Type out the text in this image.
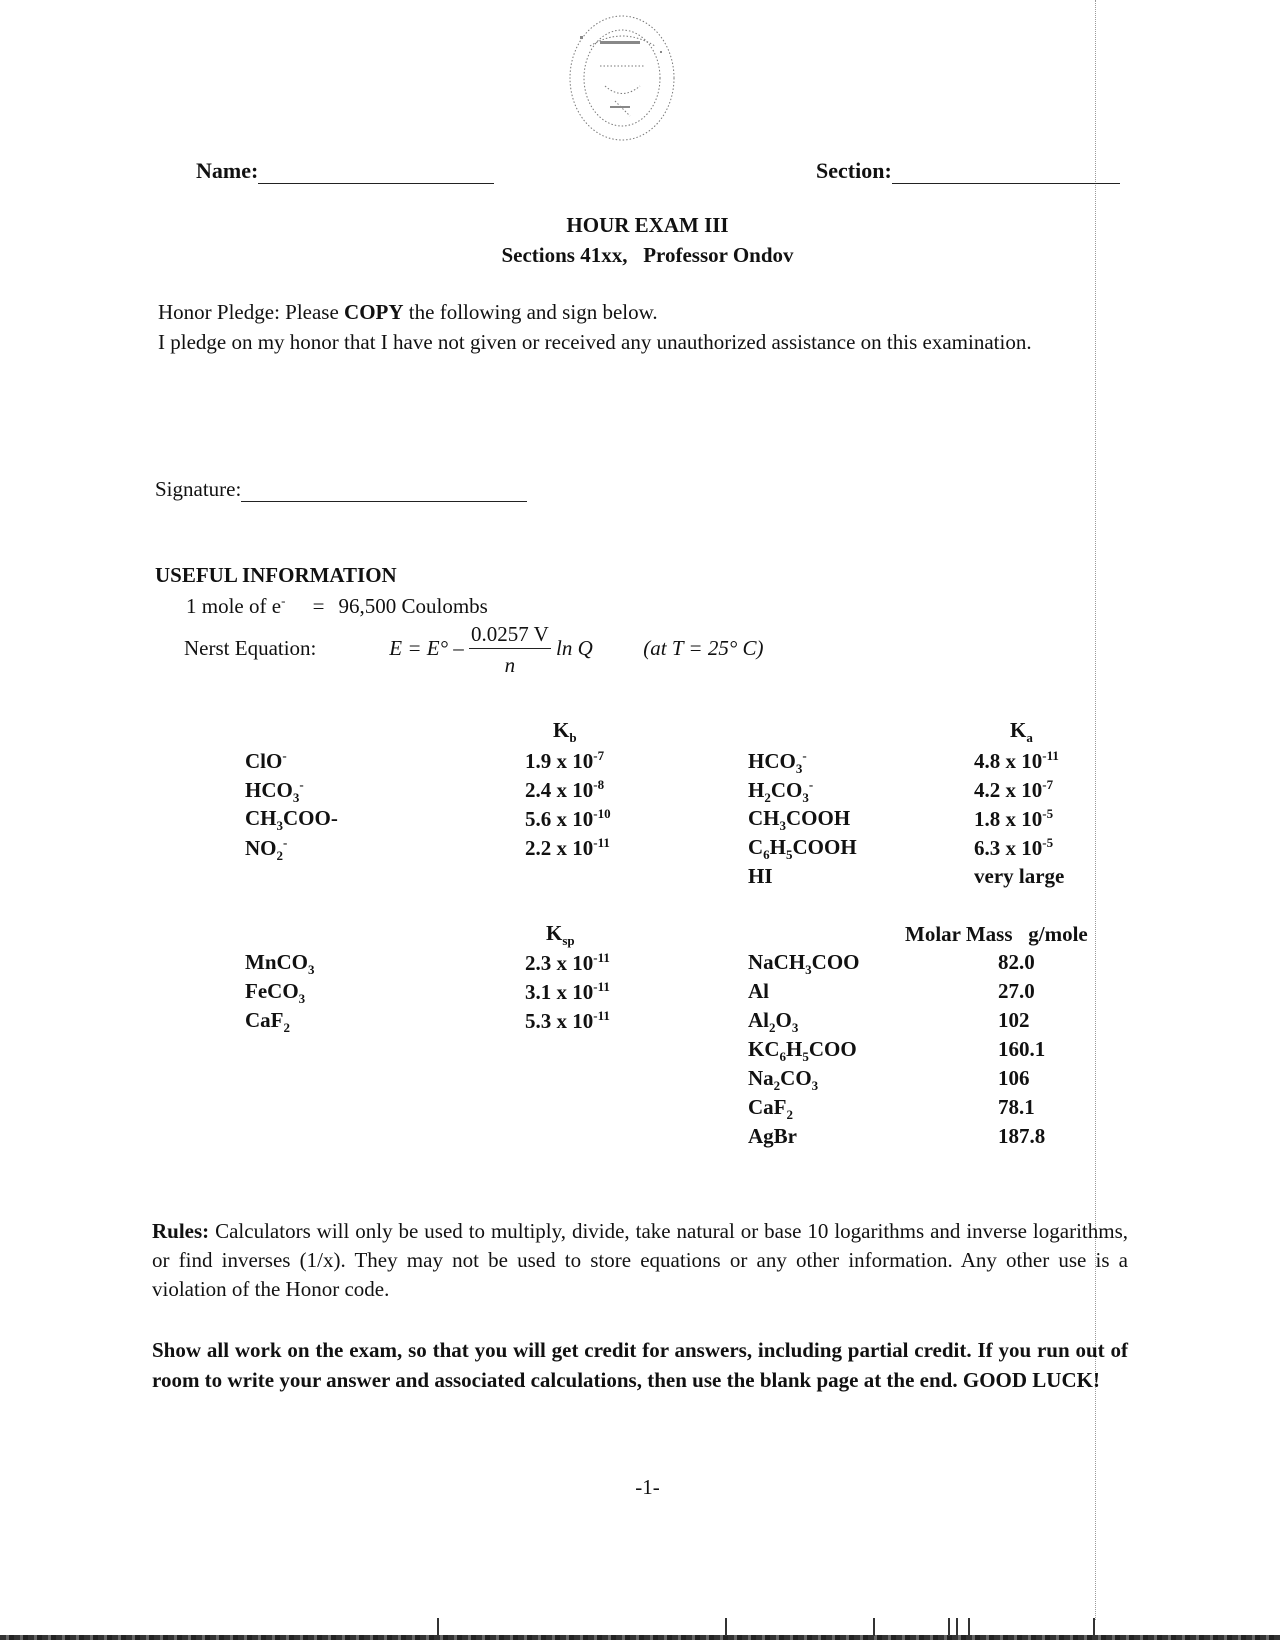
Name:	Section:
HOUR EXAM III
Sections 41xx,   Professor Ondov
Honor Pledge: Please COPY the following and sign below.
I pledge on my honor that I have not given or received any unauthorized assistance on this examination.
Signature:
USEFUL INFORMATION
1 mole of e- = 96,500 Coulombs
Nerst Equation:	$E = E^\circ - \frac{0.0257 V}{n}$ ln Q (at T = 25° C)
$K_b$
ClO-	1.9 x $10^{-7}$
$HCO_3^-$	2.4 x $10^{-8}$
$CH_3COO-$	5.6 x $10^{-10}$
$NO_2^-$	2.2 x $10^{-11}$
$K_a$
$HCO_3^-$	4.8 x $10^{-11}$
$H_2CO_3^-$	4.2 x $10^{-7}$
$CH_3COOH$	1.8 x $10^{-5}$
$C_6H_5COOH$	6.3 x $10^{-5}$
HI	very large
$K_{sp}$
MnCO$_3$	2.3 x $10^{-11}$
FeCO$_3$	3.1 x $10^{-11}$
CaF$_2$	5.3 x $10^{-11}$
Molar Mass   g/mole
NaCH$_3$COO	82.0
Al	27.0
$Al_2O_3$	102
$KC_6H_5COO$	160.1
$Na_2CO_3$	106
CaF$_2$	78.1
AgBr	187.8
Rules: Calculators will only be used to multiply, divide, take natural or base 10 logarithms and inverse logarithms, or find inverses (1/x). They may not be used to store equations or any other information. Any other use is a violation of the Honor code.
Show all work on the exam, so that you will get credit for answers, including partial credit. If you run out of room to write your answer and associated calculations, then use the blank page at the end. GOOD LUCK!
-1-
